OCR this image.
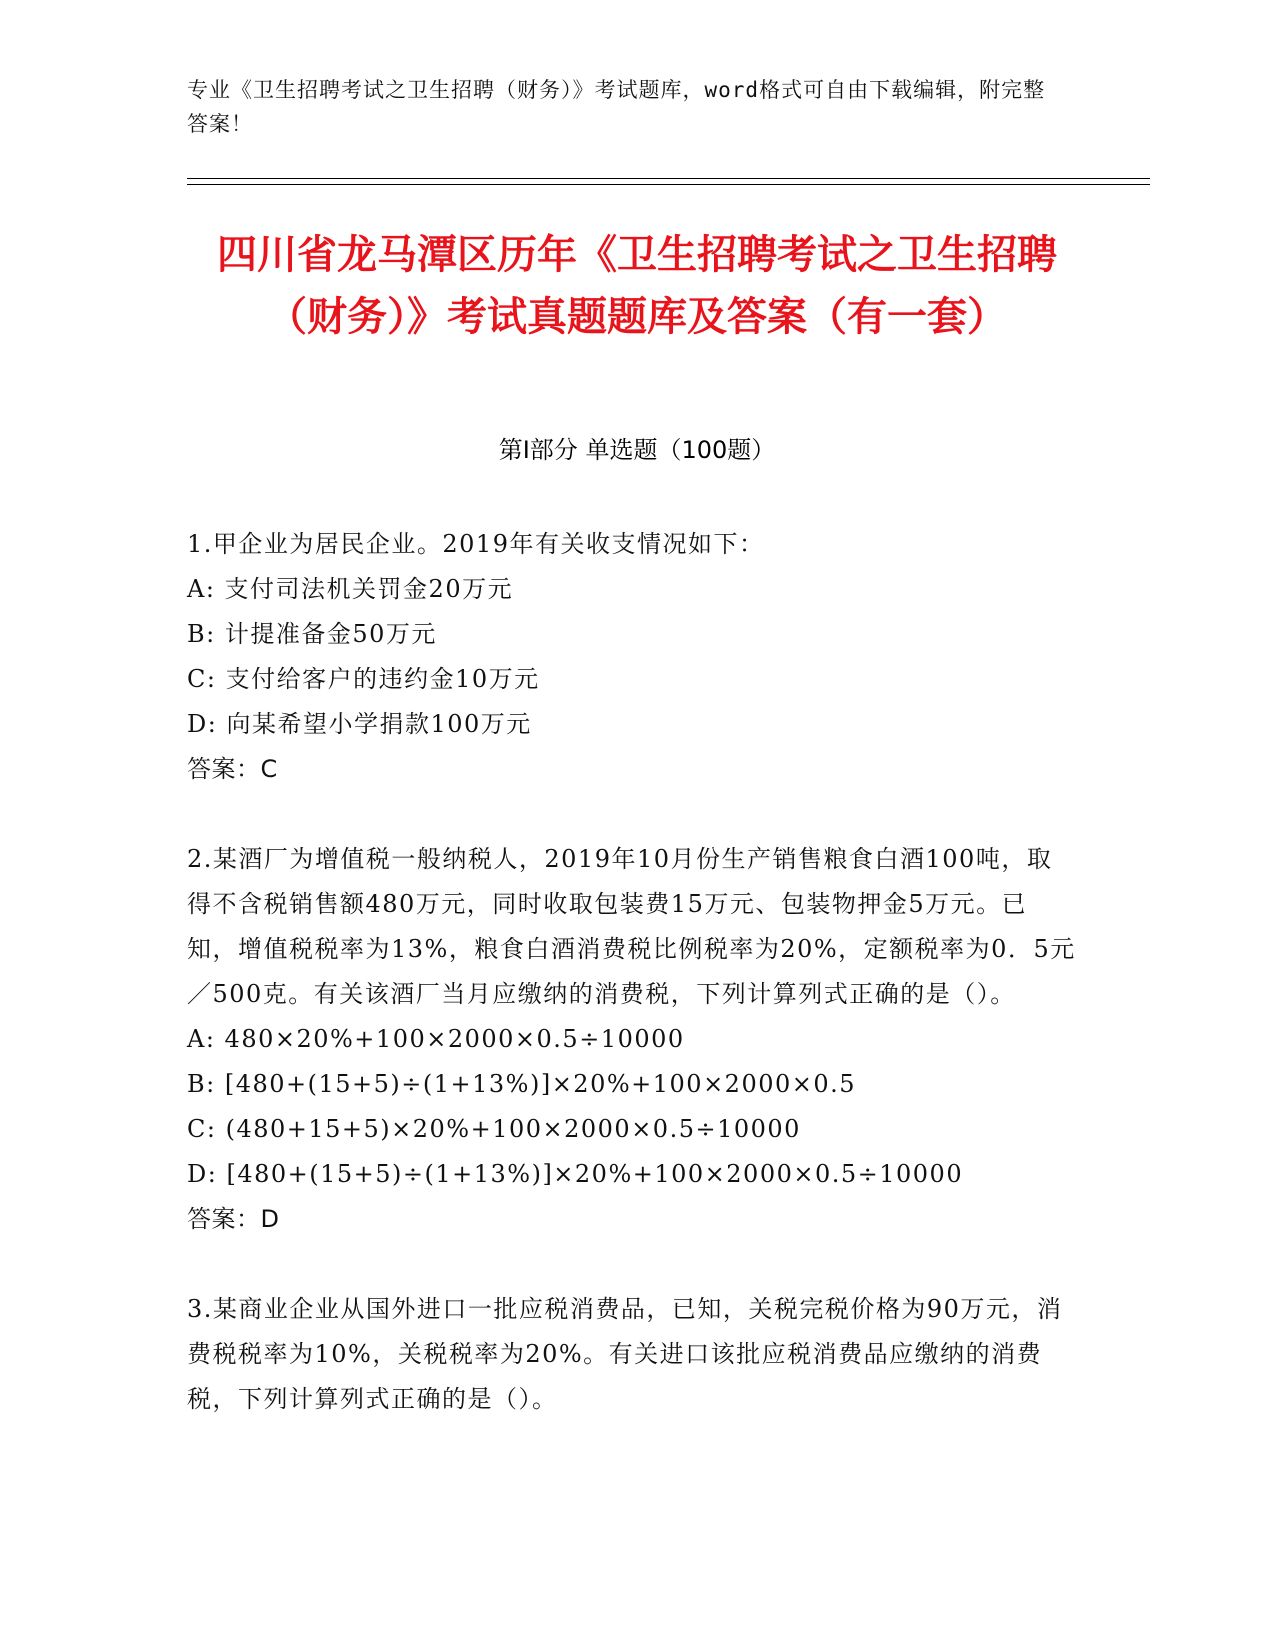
专业《卫生招聘考试之卫生招聘（财务）》考试题库，word格式可自由下载编辑，附完整答案！
四川省龙马潭区历年《卫生招聘考试之卫生招聘（财务）》考试真题题库及答案（有一套）
第I部分 单选题（100题）

1.甲企业为居民企业。2019年有关收支情况如下：

A: 支付司法机关罚金20万元

B: 计提准备金50万元

C: 支付给客户的违约金10万元

D: 向某希望小学捐款100万元

答案：C

2.某酒厂为增值税一般纳税人，2019年10月份生产销售粮食白酒100吨，取得不含税销售额480万元，同时收取包装费15万元、包装物押金5万元。已知，增值税税率为13%，粮食白酒消费税比例税率为20%，定额税率为0．5元／500克。有关该酒厂当月应缴纳的消费税，下列计算列式正确的是（）。

A: 480×20%+100×2000×0.5÷10000

B: [480+(15+5)÷(1+13%)]×20%+100×2000×0.5

C: (480+15+5)×20%+100×2000×0.5÷10000

D: [480+(15+5)÷(1+13%)]×20%+100×2000×0.5÷10000

答案：D

3.某商业企业从国外进口一批应税消费品，已知，关税完税价格为90万元，消费税税率为10%，关税税率为20%。有关进口该批应税消费品应缴纳的消费税，下列计算列式正确的是（）。
